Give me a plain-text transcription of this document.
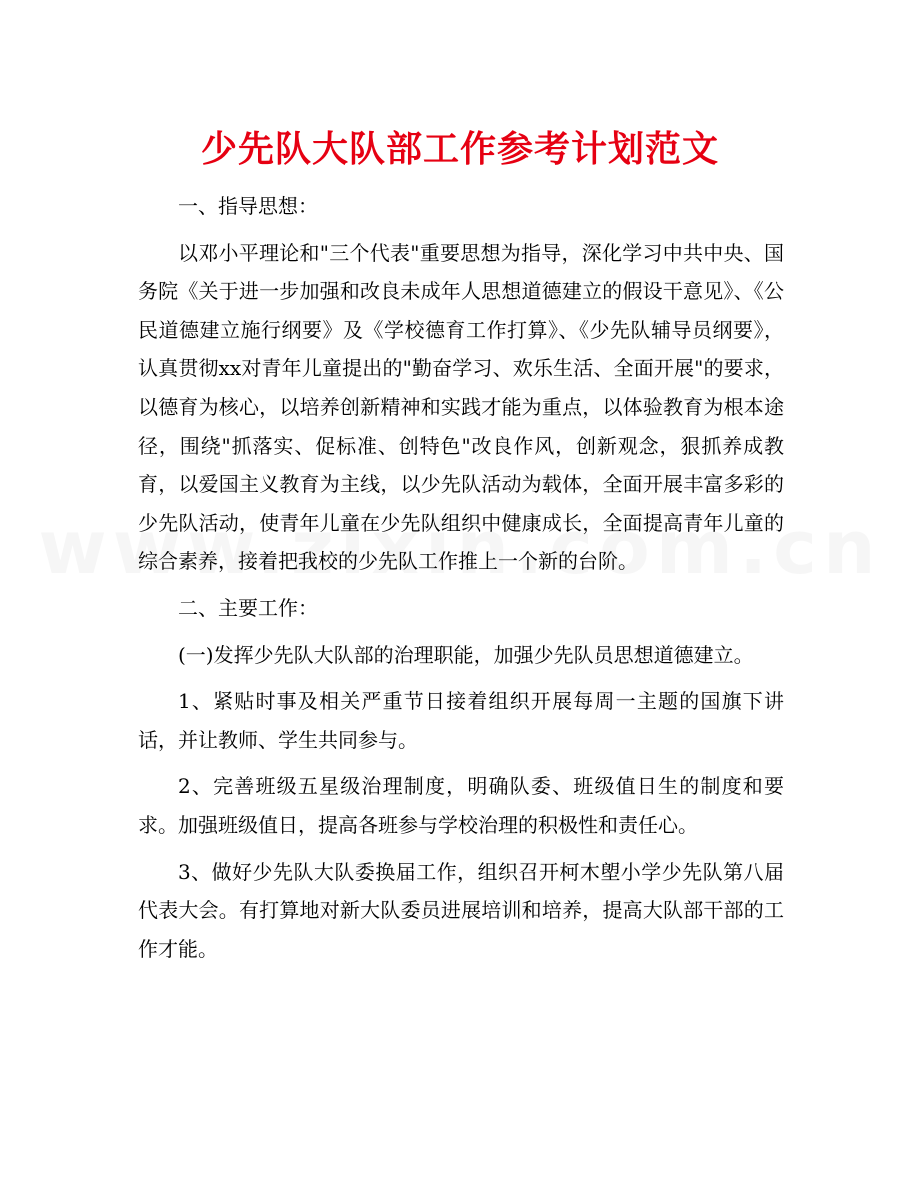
少先队大队部工作参考计划范文

一、指导思想：

以邓小平理论和"三个代表"重要思想为指导，深化学习中共中央、国务院《关于进一步加强和改良未成年人思想道德建立的假设干意见》、《公民道德建立施行纲要》及《学校德育工作打算》、《少先队辅导员纲要》，认真贯彻xx对青年儿童提出的"勤奋学习、欢乐生活、全面开展"的要求，以德育为核心，以培养创新精神和实践才能为重点，以体验教育为根本途径，围绕"抓落实、促标准、创特色"改良作风，创新观念，狠抓养成教育，以爱国主义教育为主线，以少先队活动为载体，全面开展丰富多彩的少先队活动，使青年儿童在少先队组织中健康成长，全面提高青年儿童的综合素养，接着把我校的少先队工作推上一个新的台阶。

二、主要工作：

(一)发挥少先队大队部的治理职能，加强少先队员思想道德建立。

1、紧贴时事及相关严重节日接着组织开展每周一主题的国旗下讲话，并让教师、学生共同参与。

2、完善班级五星级治理制度，明确队委、班级值日生的制度和要求。加强班级值日，提高各班参与学校治理的积极性和责任心。

3、做好少先队大队委换届工作，组织召开柯木塱小学少先队第八届代表大会。有打算地对新大队委员进展培训和培养，提高大队部干部的工作才能。
